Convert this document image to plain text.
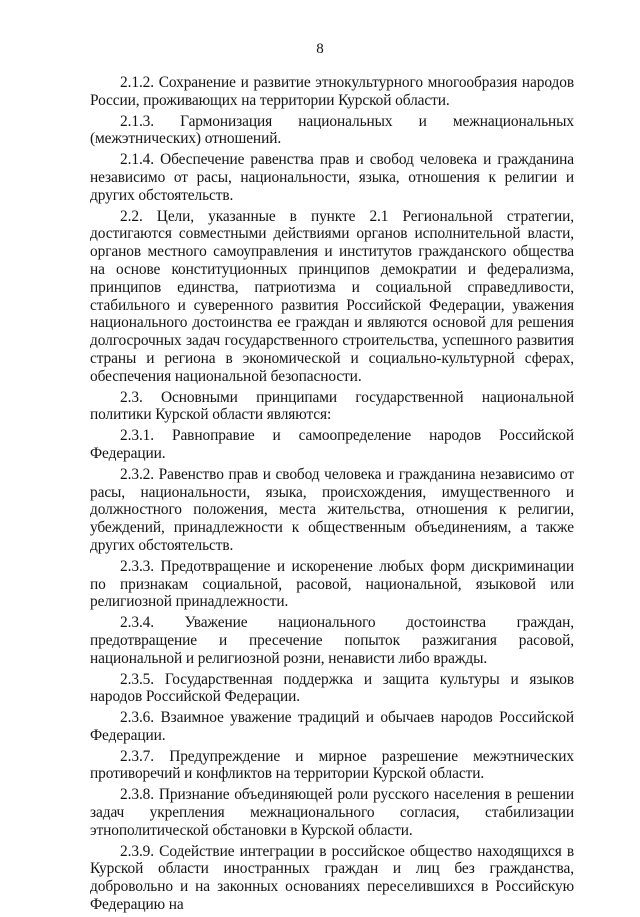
8

2.1.2. Сохранение и развитие этнокультурного многообразия народов России, проживающих на территории Курской области.

2.1.3. Гармонизация национальных и межнациональных (межэтнических) отношений.

2.1.4. Обеспечение равенства прав и свобод человека и гражданина независимо от расы, национальности, языка, отношения к религии и других обстоятельств.

2.2. Цели, указанные в пункте 2.1 Региональной стратегии, достигаются совместными действиями органов исполнительной власти, органов местного самоуправления и институтов гражданского общества на основе конституционных принципов демократии и федерализма, принципов единства, патриотизма и социальной справедливости, стабильного и суверенного развития Российской Федерации, уважения национального достоинства ее граждан и являются основой для решения долгосрочных задач государственного строительства, успешного развития страны и региона в экономической и социально-культурной сферах, обеспечения национальной безопасности.

2.3. Основными принципами государственной национальной политики Курской области являются:

2.3.1. Равноправие и самоопределение народов Российской Федерации.

2.3.2. Равенство прав и свобод человека и гражданина независимо от расы, национальности, языка, происхождения, имущественного и должностного положения, места жительства, отношения к религии, убеждений, принадлежности к общественным объединениям, а также других обстоятельств.

2.3.3. Предотвращение и искоренение любых форм дискриминации по признакам социальной, расовой, национальной, языковой или религиозной принадлежности.

2.3.4. Уважение национального достоинства граждан, предотвращение и пресечение попыток разжигания расовой, национальной и религиозной розни, ненависти либо вражды.

2.3.5. Государственная поддержка и защита культуры и языков народов Российской Федерации.

2.3.6. Взаимное уважение традиций и обычаев народов Российской Федерации.

2.3.7. Предупреждение и мирное разрешение межэтнических противоречий и конфликтов на территории Курской области.

2.3.8. Признание объединяющей роли русского населения в решении задач укрепления межнационального согласия, стабилизации этнополитической обстановки в Курской области.

2.3.9. Содействие интеграции в российское общество находящихся в Курской области иностранных граждан и лиц без гражданства, добровольно и на законных основаниях переселившихся в Российскую Федерацию на
